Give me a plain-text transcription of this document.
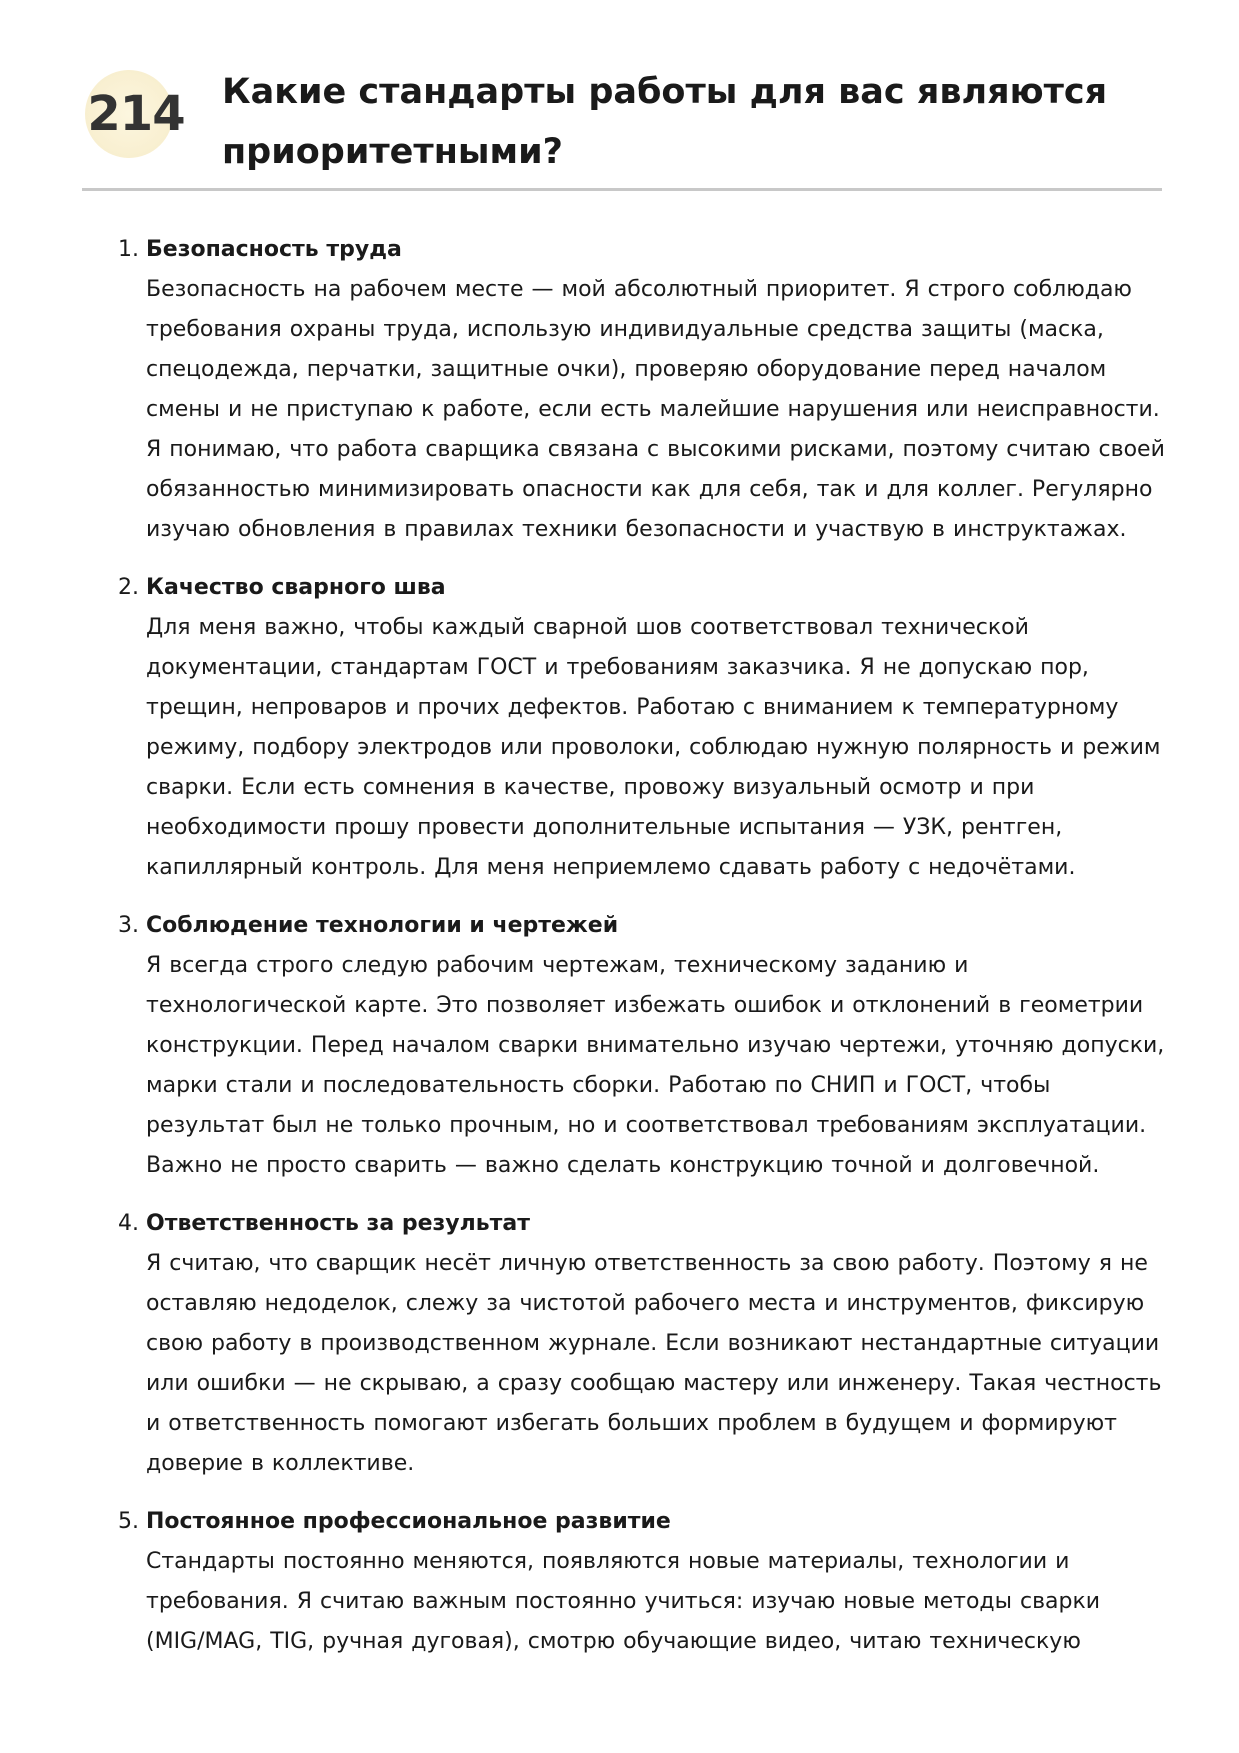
214 Какие стандарты работы для вас являются приоритетными?
1. Безопасность труда

Безопасность на рабочем месте — мой абсолютный приоритет. Я строго соблюдаю требования охраны труда, использую индивидуальные средства защиты (маска, спецодежда, перчатки, защитные очки), проверяю оборудование перед началом смены и не приступаю к работе, если есть малейшие нарушения или неисправности. Я понимаю, что работа сварщика связана с высокими рисками, поэтому считаю своей обязанностью минимизировать опасности как для себя, так и для коллег. Регулярно изучаю обновления в правилах техники безопасности и участвую в инструктажах.

2. Качество сварного шва

Для меня важно, чтобы каждый сварной шов соответствовал технической документации, стандартам ГОСТ и требованиям заказчика. Я не допускаю пор, трещин, непроваров и прочих дефектов. Работаю с вниманием к температурному режиму, подбору электродов или проволоки, соблюдаю нужную полярность и режим сварки. Если есть сомнения в качестве, провожу визуальный осмотр и при необходимости прошу провести дополнительные испытания — УЗК, рентген, капиллярный контроль. Для меня неприемлемо сдавать работу с недочётами.

3. Соблюдение технологии и чертежей

Я всегда строго следую рабочим чертежам, техническому заданию и технологической карте. Это позволяет избежать ошибок и отклонений в геометрии конструкции. Перед началом сварки внимательно изучаю чертежи, уточняю допуски, марки стали и последовательность сборки. Работаю по СНИП и ГОСТ, чтобы результат был не только прочным, но и соответствовал требованиям эксплуатации. Важно не просто сварить — важно сделать конструкцию точной и долговечной.

4. Ответственность за результат

Я считаю, что сварщик несёт личную ответственность за свою работу. Поэтому я не оставляю недоделок, слежу за чистотой рабочего места и инструментов, фиксирую свою работу в производственном журнале. Если возникают нестандартные ситуации или ошибки — не скрываю, а сразу сообщаю мастеру или инженеру. Такая честность и ответственность помогают избегать больших проблем в будущем и формируют доверие в коллективе.

5. Постоянное профессиональное развитие

Стандарты постоянно меняются, появляются новые материалы, технологии и требования. Я считаю важным постоянно учиться: изучаю новые методы сварки (MIG/MAG, TIG, ручная дуговая), смотрю обучающие видео, читаю техническую
